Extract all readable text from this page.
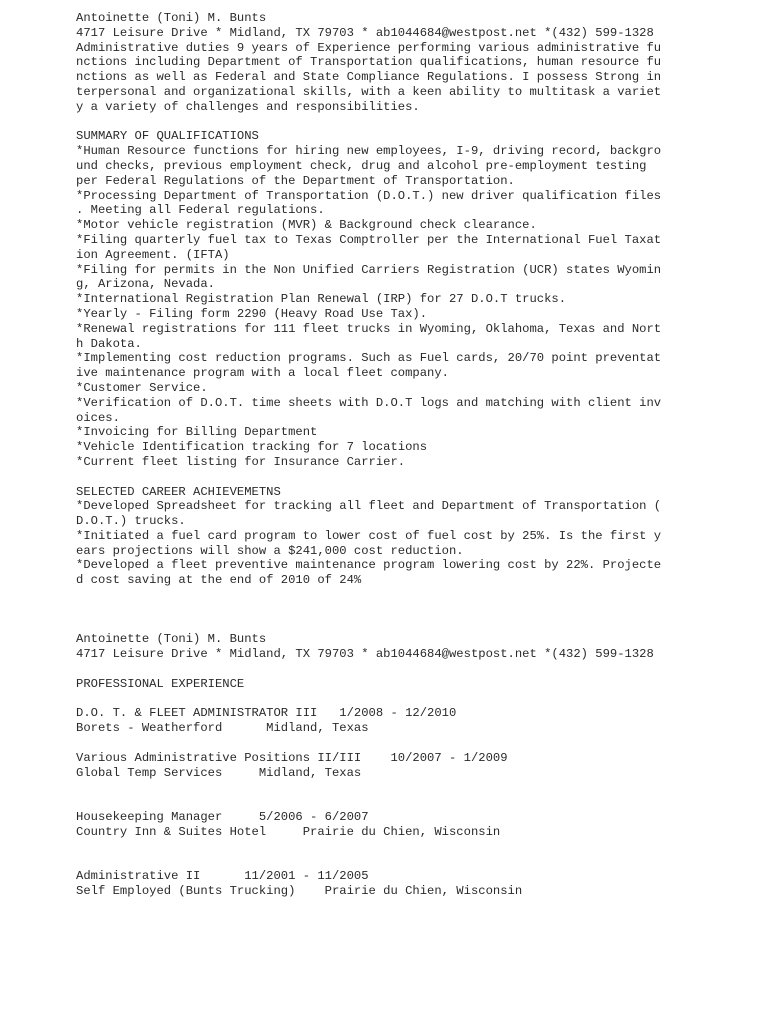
Antoinette (Toni) M. Bunts
4717 Leisure Drive * Midland, TX 79703 * ab1044684@westpost.net *(432) 599-1328
Administrative duties 9 years of Experience performing various administrative fu
nctions including Department of Transportation qualifications, human resource fu
nctions as well as Federal and State Compliance Regulations. I possess Strong in
terpersonal and organizational skills, with a keen ability to multitask a variet
y a variety of challenges and responsibilities.
SUMMARY OF QUALIFICATIONS
*Human Resource functions for hiring new employees, I-9, driving record, backgro
und checks, previous employment check, drug and alcohol pre-employment testing
per Federal Regulations of the Department of Transportation.
*Processing Department of Transportation (D.O.T.) new driver qualification files
. Meeting all Federal regulations.
*Motor vehicle registration (MVR) & Background check clearance.
*Filing quarterly fuel tax to Texas Comptroller per the International Fuel Taxat
ion Agreement. (IFTA)
*Filing for permits in the Non Unified Carriers Registration (UCR) states Wyomin
g, Arizona, Nevada.
*International Registration Plan Renewal (IRP) for 27 D.O.T trucks.
*Yearly - Filing form 2290 (Heavy Road Use Tax).
*Renewal registrations for 111 fleet trucks in Wyoming, Oklahoma, Texas and Nort
h Dakota.
*Implementing cost reduction programs. Such as Fuel cards, 20/70 point preventat
ive maintenance program with a local fleet company.
*Customer Service.
*Verification of D.O.T. time sheets with D.O.T logs and matching with client inv
oices.
*Invoicing for Billing Department
*Vehicle Identification tracking for 7 locations
*Current fleet listing for Insurance Carrier.
SELECTED CAREER ACHIEVEMETNS
*Developed Spreadsheet for tracking all fleet and Department of Transportation (
D.O.T.) trucks.
*Initiated a fuel card program to lower cost of fuel cost by 25%. Is the first y
ears projections will show a $241,000 cost reduction.
*Developed a fleet preventive maintenance program lowering cost by 22%. Projecte
d cost saving at the end of 2010 of 24%
Antoinette (Toni) M. Bunts
4717 Leisure Drive * Midland, TX 79703 * ab1044684@westpost.net *(432) 599-1328
PROFESSIONAL EXPERIENCE
D.O. T. & FLEET ADMINISTRATOR III   1/2008 - 12/2010
Borets - Weatherford      Midland, Texas
Various Administrative Positions II/III    10/2007 - 1/2009
Global Temp Services     Midland, Texas
Housekeeping Manager     5/2006 - 6/2007
Country Inn & Suites Hotel     Prairie du Chien, Wisconsin
Administrative II      11/2001 - 11/2005
Self Employed (Bunts Trucking)    Prairie du Chien, Wisconsin
